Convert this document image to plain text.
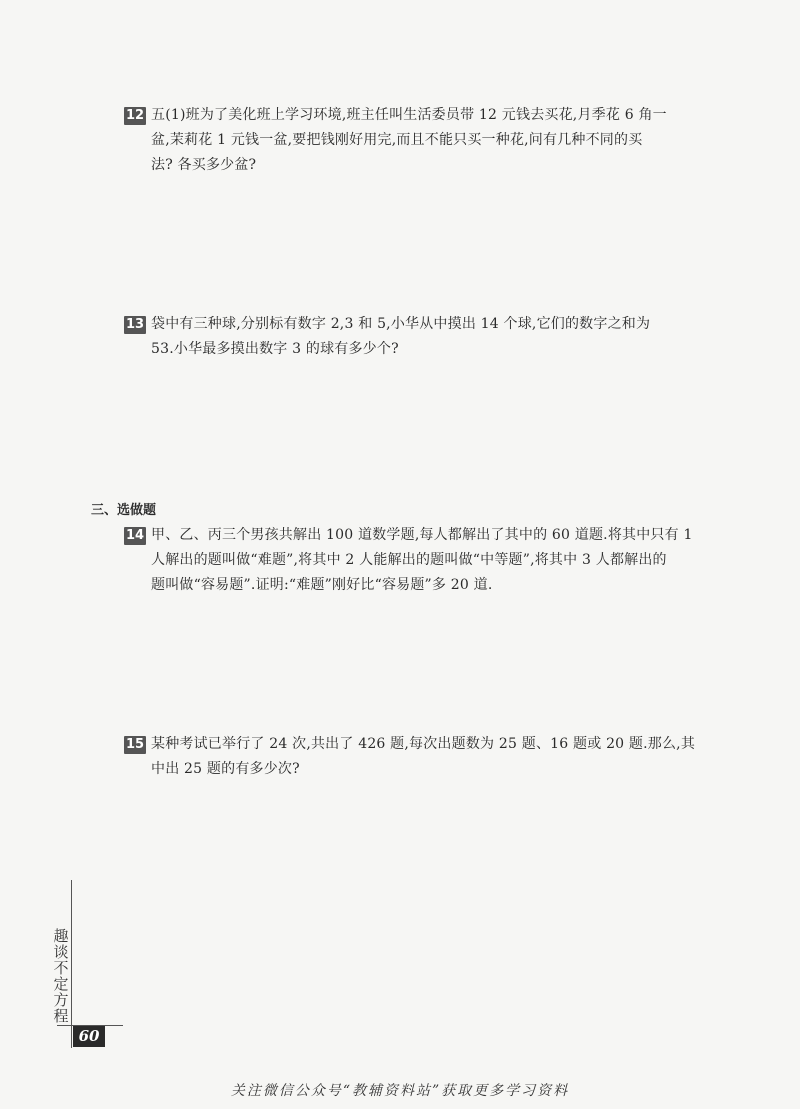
12 五(1)班为了美化班上学习环境,班主任叫生活委员带 12 元钱去买花,月季花 6 角一
盆,茉莉花 1 元钱一盆,要把钱刚好用完,而且不能只买一种花,问有几种不同的买
法? 各买多少盆?
13 袋中有三种球,分别标有数字 2,3 和 5,小华从中摸出 14 个球,它们的数字之和为
53.小华最多摸出数字 3 的球有多少个?
三、选做题
14 甲、乙、丙三个男孩共解出 100 道数学题,每人都解出了其中的 60 道题.将其中只有 1
人解出的题叫做“难题”,将其中 2 人能解出的题叫做“中等题”,将其中 3 人都解出的
题叫做“容易题”.证明:“难题”刚好比“容易题”多 20 道.
15 某种考试已举行了 24 次,共出了 426 题,每次出题数为 25 题、16 题或 20 题.那么,其
中出 25 题的有多少次?
趣谈不定方程
60
关注微信公众号“教辅资料站”获取更多学习资料
